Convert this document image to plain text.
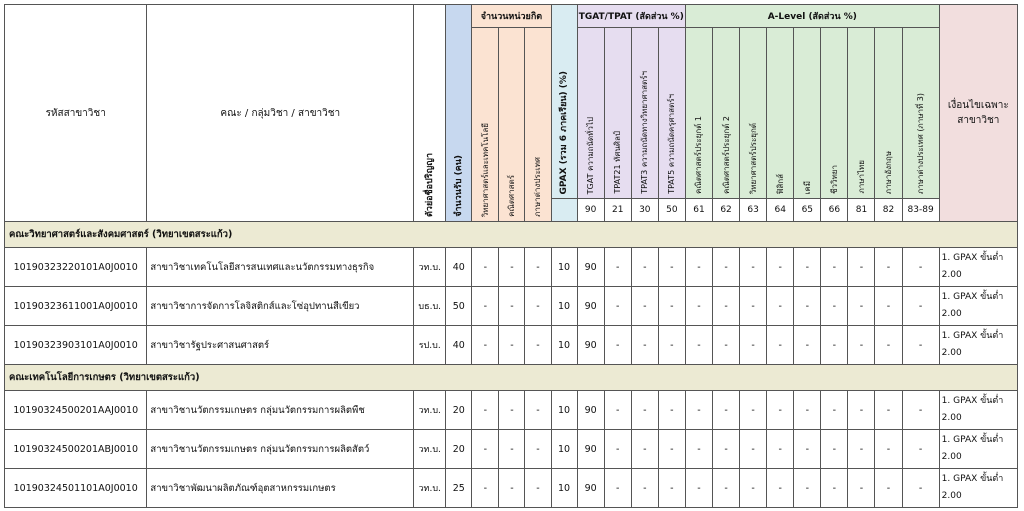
รหัสสาขาวิชา	คณะ / กลุ่มวิชา / สาขาวิชา	ตัวย่อชื่อปริญญา	จำนวนรับ (คน)	จำนวนหน่วยกิต			GPAX (รวม 6 ภาคเรียน) (%)	TGAT/TPAT (สัดส่วน %)				A-Level (สัดส่วน %)									เงื่อนไขเฉพาะสาขาวิชา
				วิทยาศาสตร์และเทคโนโลยี	คณิตศาสตร์	ภาษาต่างประเทศ		TGAT ความถนัดทั่วไป	TPAT21 ทัศนศิลป์	TPAT3 ความถนัดทางวิทยาศาสตร์ฯ	TPAT5 ความถนัดครุศาสตร์ฯ	คณิตศาสตร์ประยุกต์ 1	คณิตศาสตร์ประยุกต์ 2	วิทยาศาสตร์ประยุกต์	ฟิสิกส์	เคมี	ชีววิทยา	ภาษาไทย	ภาษาอังกฤษ	ภาษาต่างประเทศ (ภาษาที่ 3)	
								90	21	30	50	61	62	63	64	65	66	81	82	83-89	
คณะวิทยาศาสตร์และสังคมศาสตร์ (วิทยาเขตสระแก้ว)																					
10190323220101A0J0010	สาขาวิชาเทคโนโลยีสารสนเทศและนวัตกรรมทางธุรกิจ	วท.บ.	40	-	-	-	10	90	-	-	-	-	-	-	-	-	-	-	-	-	1. GPAX ขั้นต่ำ
2.00

10190323611001A0J0010	สาขาวิชาการจัดการโลจิสติกส์และโซ่อุปทานสีเขียว	บธ.บ.	50	-	-	-	10	90	-	-	-	-	-	-	-	-	-	-	-	-	1. GPAX ขั้นต่ำ
2.00

10190323903101A0J0010	สาขาวิชารัฐประศาสนศาสตร์	รป.บ.	40	-	-	-	10	90	-	-	-	-	-	-	-	-	-	-	-	-	1. GPAX ขั้นต่ำ
2.00

คณะเทคโนโลยีการเกษตร (วิทยาเขตสระแก้ว)																					
10190324500201AAJ0010	สาขาวิชานวัตกรรมเกษตร กลุ่มนวัตกรรมการผลิตพืช	วท.บ.	20	-	-	-	10	90	-	-	-	-	-	-	-	-	-	-	-	-	1. GPAX ขั้นต่ำ
2.00

10190324500201ABJ0010	สาขาวิชานวัตกรรมเกษตร กลุ่มนวัตกรรมการผลิตสัตว์	วท.บ.	20	-	-	-	10	90	-	-	-	-	-	-	-	-	-	-	-	-	1. GPAX ขั้นต่ำ
2.00

10190324501101A0J0010	สาขาวิชาพัฒนาผลิตภัณฑ์อุตสาหกรรมเกษตร	วท.บ.	25	-	-	-	10	90	-	-	-	-	-	-	-	-	-	-	-	-	1. GPAX ขั้นต่ำ
2.00
